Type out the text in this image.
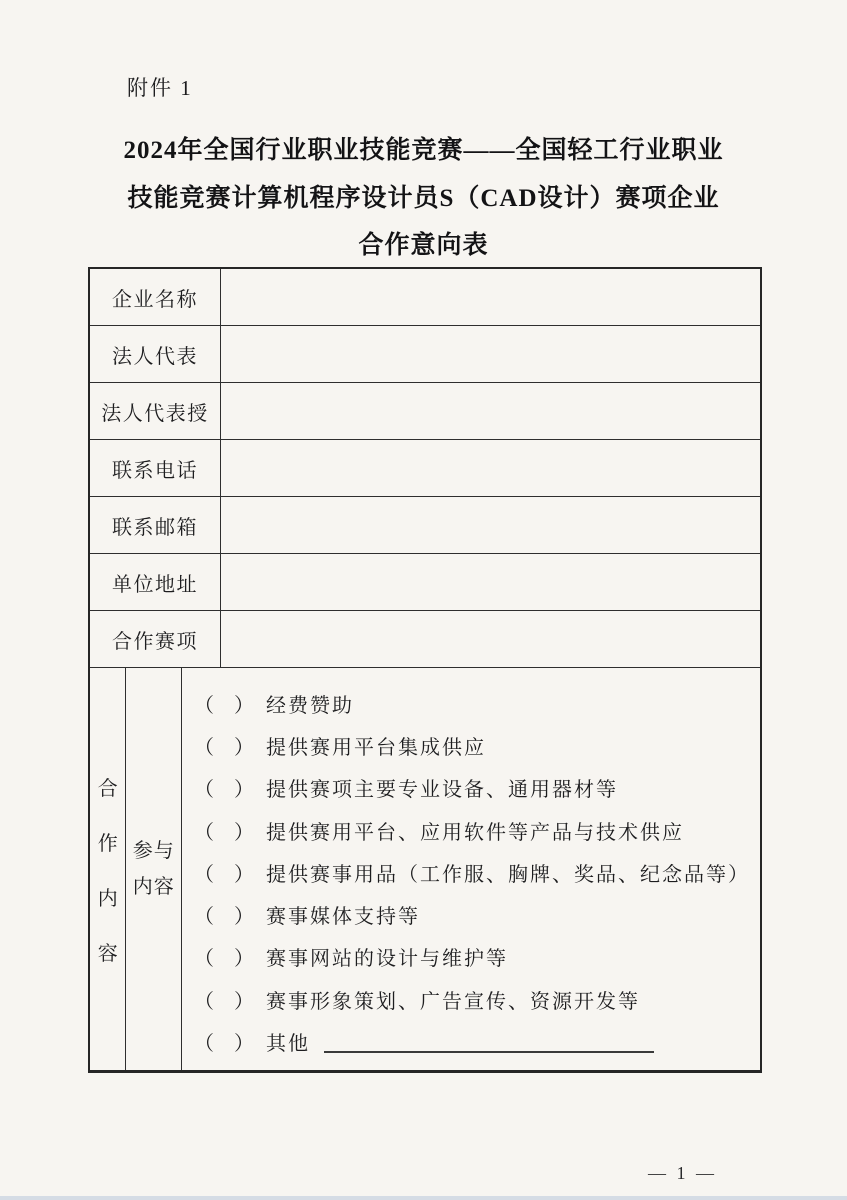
附件 1
2024年全国行业职业技能竞赛——全国轻工行业职业
技能竞赛计算机程序设计员S（CAD设计）赛项企业
合作意向表
企业名称
法人代表
法人代表授
联系电话
联系邮箱
单位地址
合作赛项
合
作
内
容
参与
内容
（　） 经费赞助
（　） 提供赛用平台集成供应
（　） 提供赛项主要专业设备、通用器材等
（　） 提供赛用平台、应用软件等产品与技术供应
（　） 提供赛事用品（工作服、胸牌、奖品、纪念品等）
（　） 赛事媒体支持等
（　） 赛事网站的设计与维护等
（　） 赛事形象策划、广告宣传、资源开发等
（　） 其他
— 1 —
